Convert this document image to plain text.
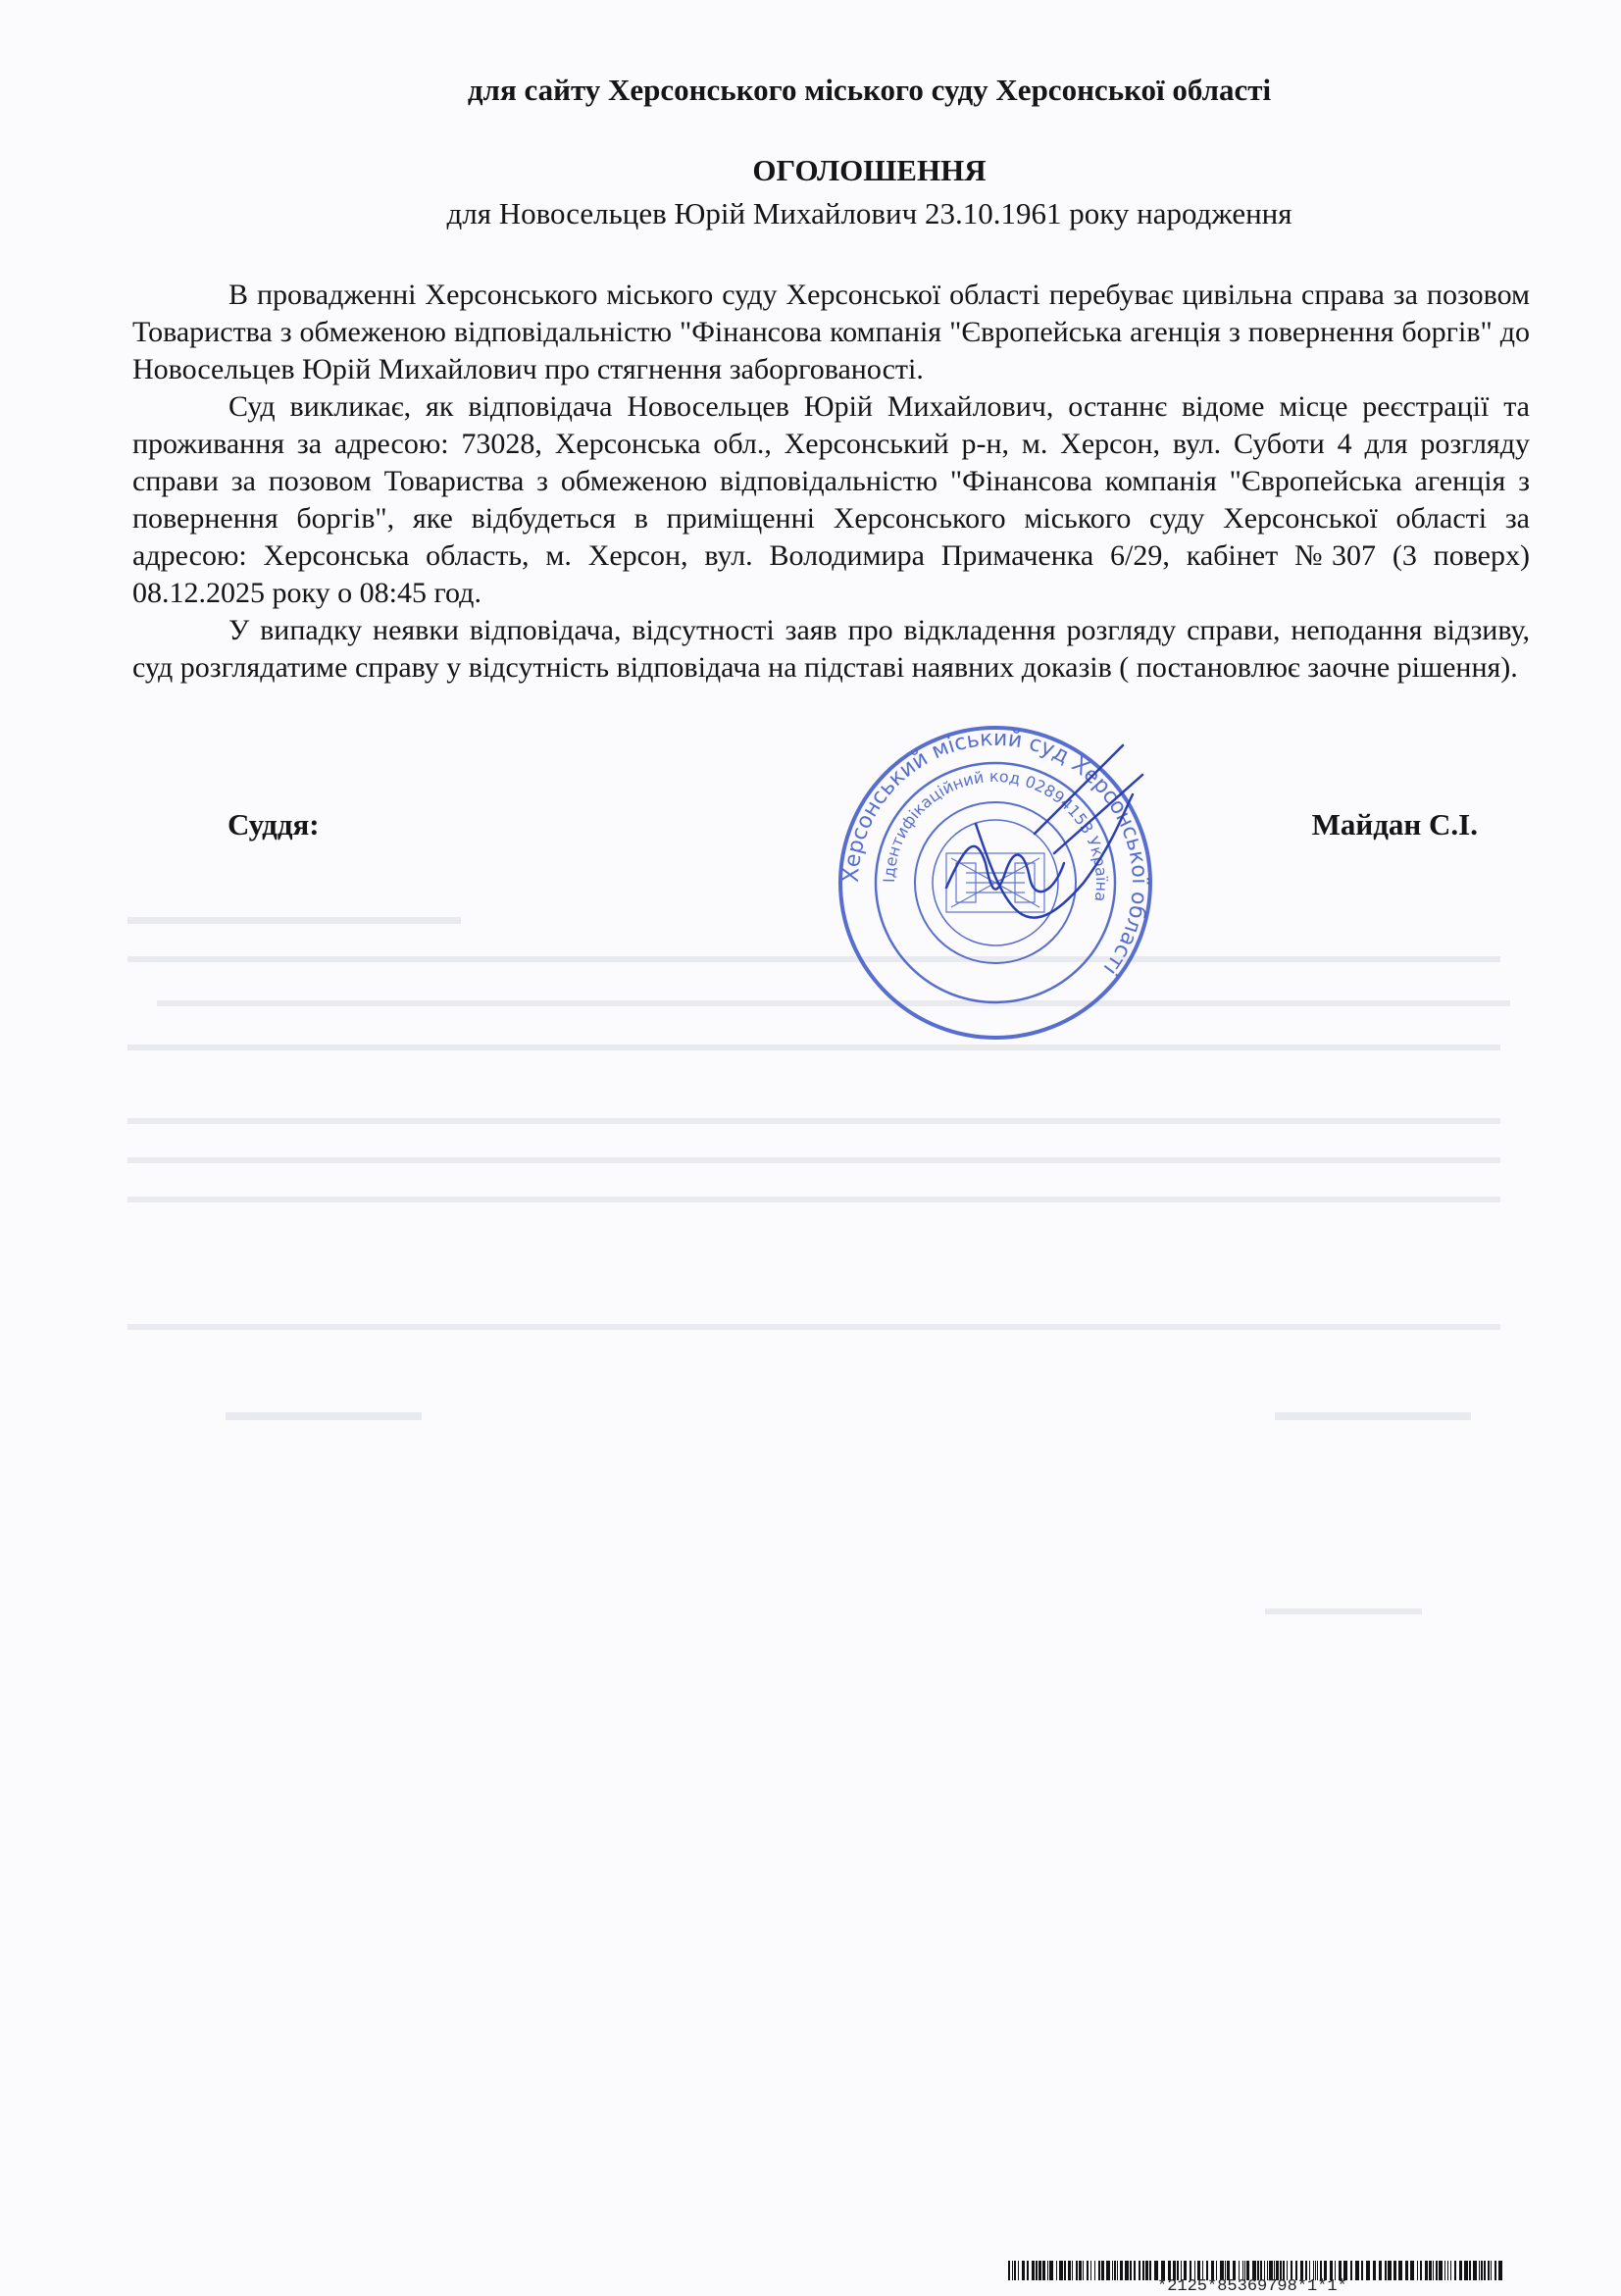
для сайту Херсонського міського суду Херсонської області
ОГОЛОШЕННЯ
для Новосельцев Юрій Михайлович 23.10.1961 року народження

В провадженні Херсонського міського суду Херсонської області перебуває цивільна справа за позовом Товариства з обмеженою відповідальністю "Фінансова компанія "Європейська агенція з повернення боргів" до Новосельцев Юрій Михайлович про стягнення заборгованості.

Суд викликає, як відповідача Новосельцев Юрій Михайлович, останнє відоме місце реєстрації та проживання за адресою: 73028, Херсонська обл., Херсонський р-н, м. Херсон, вул. Суботи 4 для розгляду справи за позовом Товариства з обмеженою відповідальністю "Фінансова компанія "Європейська агенція з повернення боргів", яке відбудеться в приміщенні Херсонського міського суду Херсонської області за адресою: Херсонська область, м. Херсон, вул. Володимира Примаченка 6/29, кабінет №307 (3 поверх) 08.12.2025 року о 08:45 год.

У випадку неявки відповідача, відсутності заяв про відкладення розгляду справи, неподання відзиву, суд розглядатиме справу у відсутність відповідача на підставі наявних доказів ( постановлює заочне рішення).

Суддя:	Майдан С.І.
Херсонський міський суд Херсонської області
Ідентифікаційний код 02894153 Україна
*2125*85369798*1*1*
